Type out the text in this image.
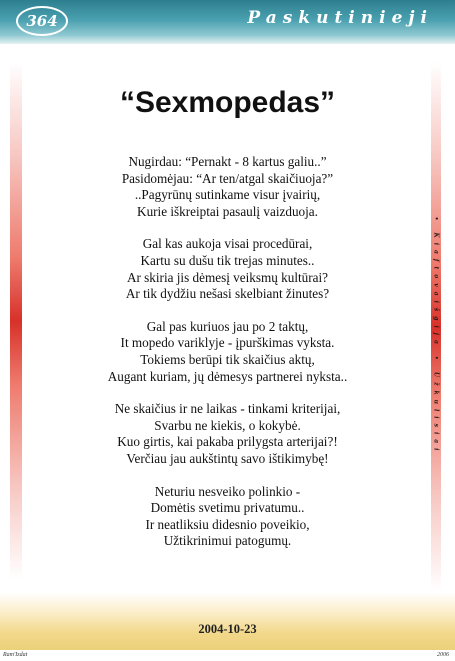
364	Paskutinieji
• Kiaftovaišgija • Užkulisiai
“Sexmopedas”
Nugirdau: “Pernakt - 8 kartus galiu..”
Pasidomėjau: “Ar ten/atgal skaičiuoja?”
..Pagyrūnų sutinkame visur įvairių,
Kurie iškreiptai pasaulį vaizduoja.
Gal kas aukoja visai procedūrai,
Kartu su dušu tik trejas minutes..
Ar skiria jis dėmesį veiksmų kultūrai?
Ar tik dydžiu nešasi skelbiant žinutes?
Gal pas kuriuos jau po 2 taktų,
It mopedo variklyje - įpurškimas vyksta.
Tokiems berūpi tik skaičius aktų,
Augant kuriam, jų dėmesys partnerei nyksta..
Ne skaičius ir ne laikas - tinkami kriterijai,
Svarbu ne kiekis, o kokybė.
Kuo girtis, kai pakaba prilygsta arterijai?!
Verčiau jau aukštintų savo ištikimybę!
Neturiu nesveiko polinkio -
Domėtis svetimu privatumu..
Ir neatliksiu didesnio poveikio,
Užtikrinimui patogumų.
2004-10-23
Ram'Izdat	2006
